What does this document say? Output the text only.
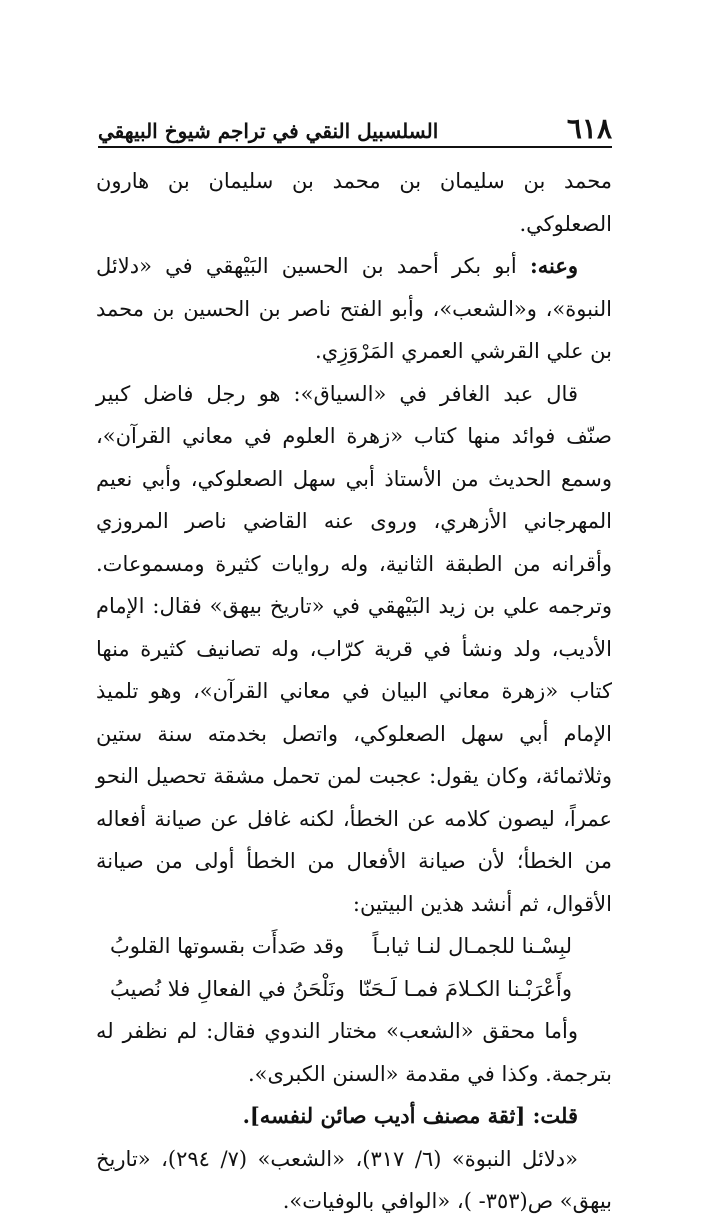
٦١٨
السلسبيل النقي في تراجم شيوخ البيهقي

محمد بن سليمان بن محمد بن سليمان بن هارون الصعلوكي.

وعنه: أبو بكر أحمد بن الحسين البَيْهقي في «دلائل النبوة»، و«الشعب»، وأبو الفتح ناصر بن الحسين بن محمد بن علي القرشي العمري المَرْوَزِي.

قال عبد الغافر في «السياق»: هو رجل فاضل كبير صنّف فوائد منها كتاب «زهرة العلوم في معاني القرآن»، وسمع الحديث من الأستاذ أبي سهل الصعلوكي، وأبي نعيم المهرجاني الأزهري، وروى عنه القاضي ناصر المروزي وأقرانه من الطبقة الثانية، وله روايات كثيرة ومسموعات. وترجمه علي بن زيد البَيْهقي في «تاريخ بيهق» فقال: الإمام الأديب، ولد ونشأ في قرية كرّاب، وله تصانيف كثيرة منها كتاب «زهرة معاني البيان في معاني القرآن»، وهو تلميذ الإمام أبي سهل الصعلوكي، واتصل بخدمته سنة ستين وثلاثمائة، وكان يقول: عجبت لمن تحمل مشقة تحصيل النحو عمراً، ليصون كلامه عن الخطأ، لكنه غافل عن صيانة أفعاله من الخطأ؛ لأن صيانة الأفعال من الخطأ أولى من صيانة الأقوال، ثم أنشد هذين البيتين:

لبِسْـنا للجمـال لنـا ثيابـاً
وقد صَدأَت بقسوتها القلوبُ
وأَعْرَبْـنا الكـلامَ فمـا لَـحَنّا
ونَلْحَنُ في الفعالِ فلا نُصيبُ

وأما محقق «الشعب» مختار الندوي فقال: لم نظفر له بترجمة. وكذا في مقدمة «السنن الكبرى».

قلت: [ثقة مصنف أديب صائن لنفسه].

«دلائل النبوة» (٦/ ٣١٧)، «الشعب» (٧/ ٢٩٤)، «تاريخ بيهق» ص(٣٥٣- )، «الوافي بالوفيات».
